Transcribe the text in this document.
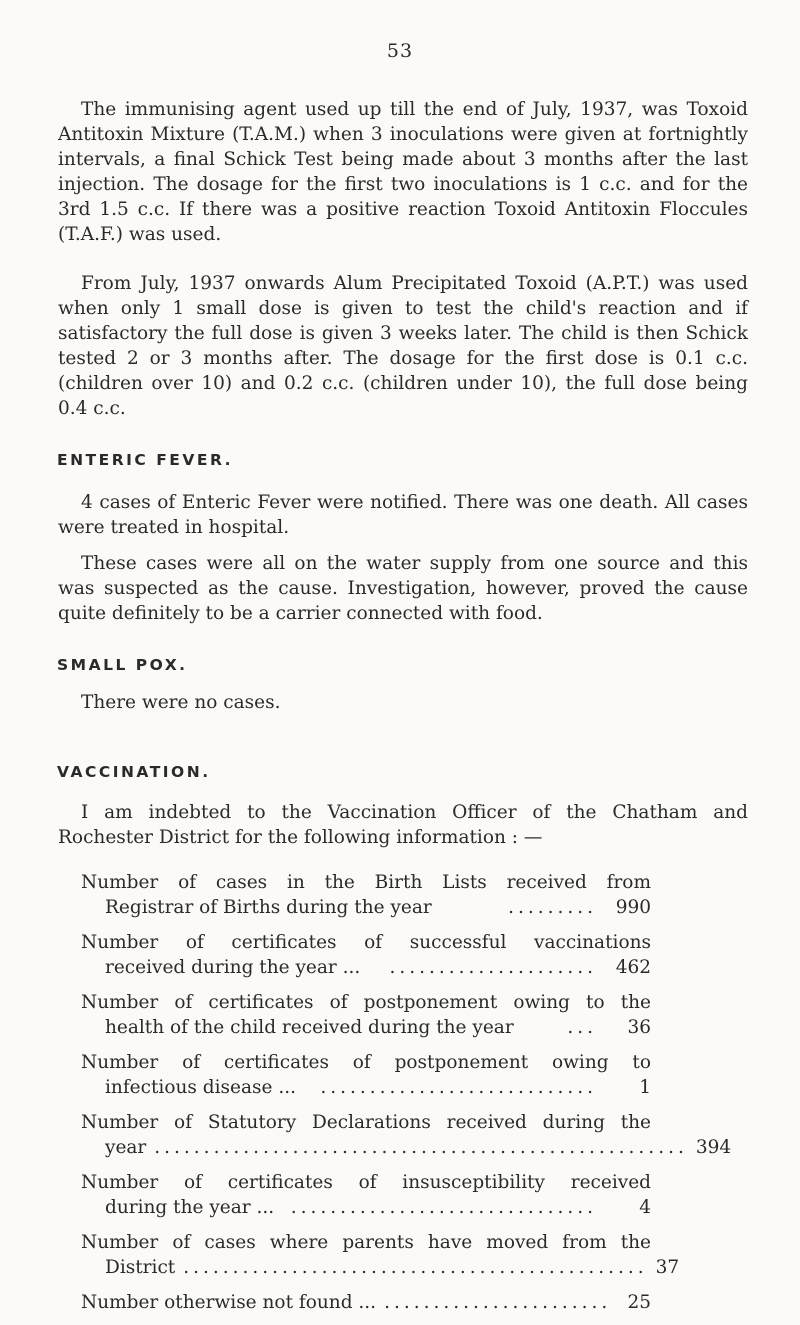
53

The immunising agent used up till the end of July, 1937, was Toxoid Antitoxin Mixture (T.A.M.) when 3 inoculations were given at fortnightly intervals, a final Schick Test being made about 3 months after the last injection. The dosage for the first two inoculations is 1 c.c. and for the 3rd 1.5 c.c. If there was a positive reaction Toxoid Antitoxin Floccules (T.A.F.) was used.

From July, 1937 onwards Alum Precipitated Toxoid (A.P.T.) was used when only 1 small dose is given to test the child's reaction and if satisfactory the full dose is given 3 weeks later. The child is then Schick tested 2 or 3 months after. The dosage for the first dose is 0.1 c.c. (children over 10) and 0.2 c.c. (children under 10), the full dose being 0.4 c.c.

ENTERIC FEVER.

4 cases of Enteric Fever were notified. There was one death. All cases were treated in hospital.

These cases were all on the water supply from one source and this was suspected as the cause. Investigation, however, proved the cause quite definitely to be a carrier connected with food.

SMALL POX.

There were no cases.

VACCINATION.

I am indebted to the Vaccination Officer of the Chatham and Rochester District for the following information : —

Number of cases in the Birth Lists received from
Registrar of Births during the year	.........	990
Number of certificates of successful vaccinations
received during the year ...	.....................	462
Number of certificates of postponement owing to the
health of the child received during the year	...	36
Number of certificates of postponement owing to
infectious disease ...	............................	1
Number of Statutory Declarations received during the
year ...................................................... 394
Number of certificates of insusceptibility received
during the year ... ...............................	4
Number of cases where parents have moved from the
District ............................................... 37
Number otherwise not found ... ....................... 25
